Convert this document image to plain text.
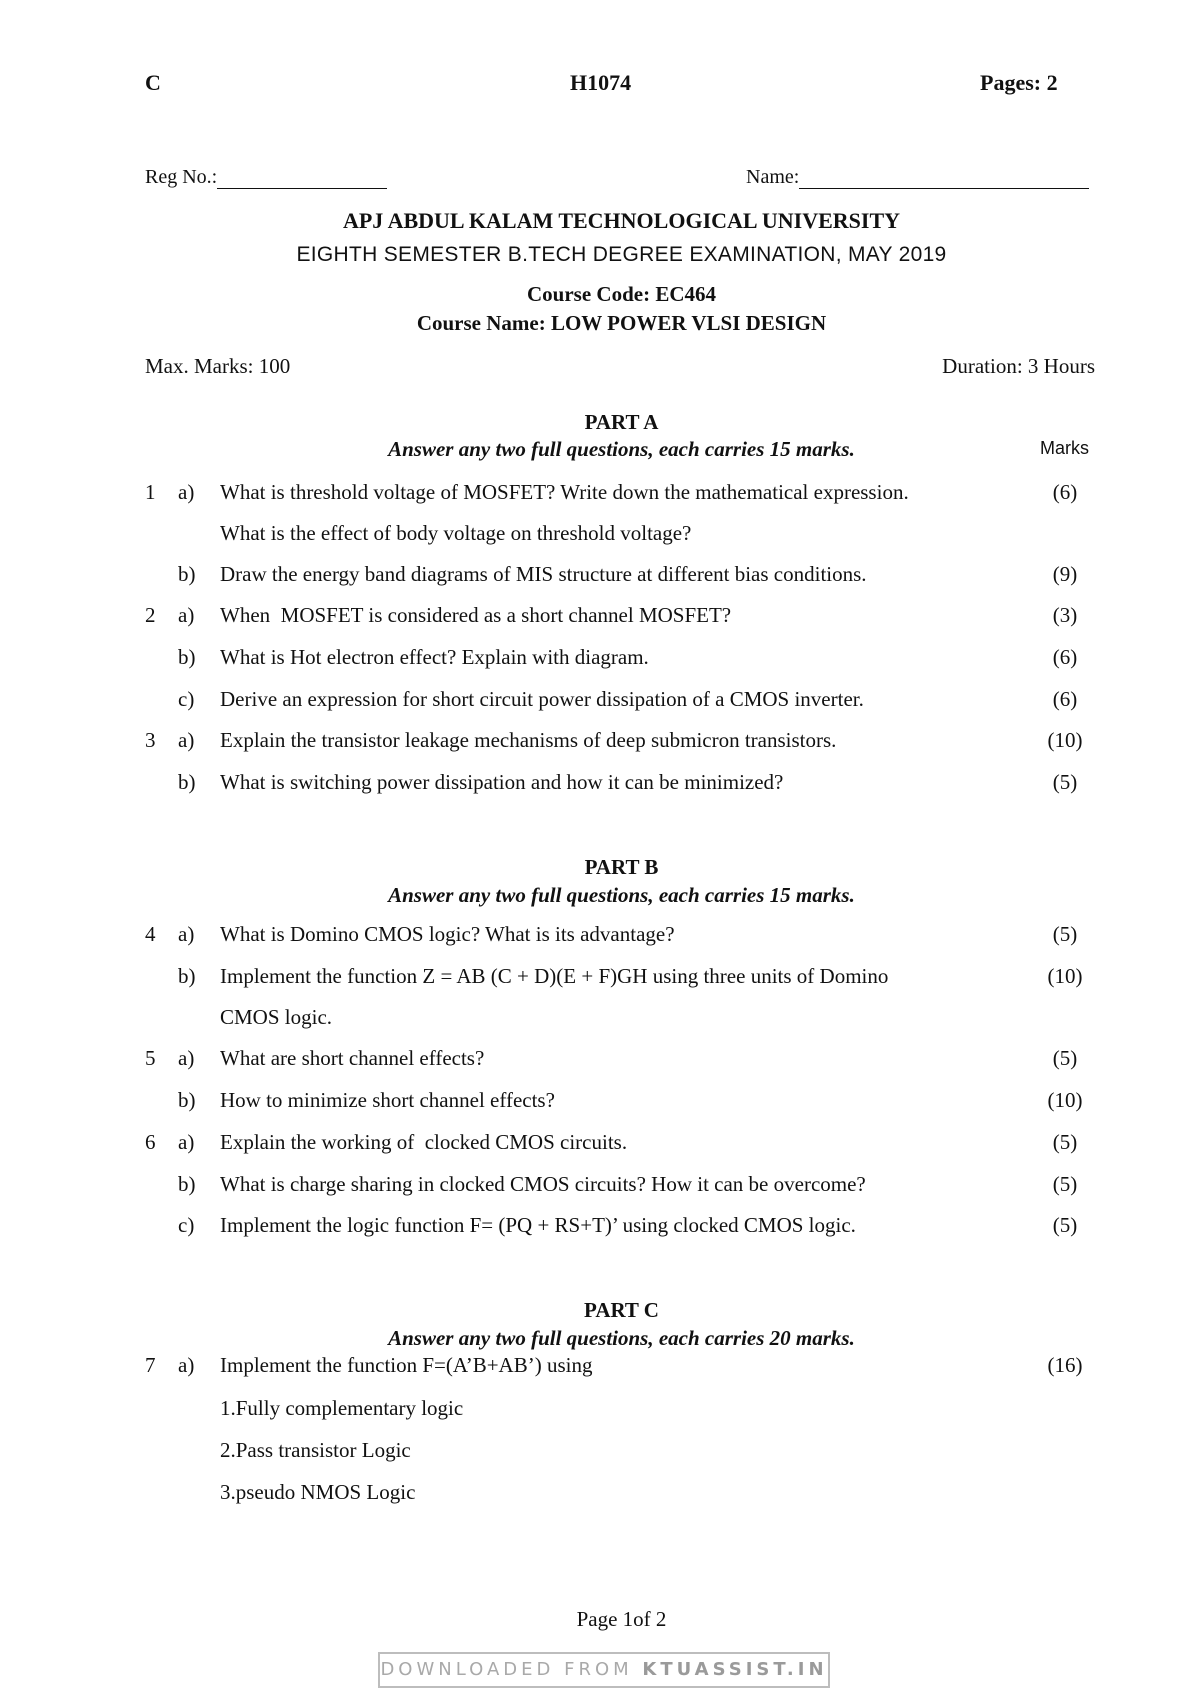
C	H1074	Pages: 2
Reg No.:	Name:
APJ ABDUL KALAM TECHNOLOGICAL UNIVERSITY
EIGHTH SEMESTER B.TECH DEGREE EXAMINATION, MAY 2019
Course Code: EC464
Course Name: LOW POWER VLSI DESIGN
Max. Marks: 100	Duration: 3 Hours
PART A
Answer any two full questions, each carries 15 marks.	Marks
1 a) What is threshold voltage of MOSFET? Write down the mathematical expression.	(6)
What is the effect of body voltage on threshold voltage?
b) Draw the energy band diagrams of MIS structure at different bias conditions.	(9)
2 a) When  MOSFET is considered as a short channel MOSFET?	(3)
b) What is Hot electron effect? Explain with diagram.	(6)
c) Derive an expression for short circuit power dissipation of a CMOS inverter.	(6)
3 a) Explain the transistor leakage mechanisms of deep submicron transistors.	(10)
b) What is switching power dissipation and how it can be minimized?	(5)
PART B
Answer any two full questions, each carries 15 marks.
4 a) What is Domino CMOS logic? What is its advantage?	(5)
b) Implement the function Z = AB (C + D)(E + F)GH using three units of Domino	(10)
CMOS logic.
5 a) What are short channel effects?	(5)
b) How to minimize short channel effects?	(10)
6 a) Explain the working of  clocked CMOS circuits.	(5)
b) What is charge sharing in clocked CMOS circuits? How it can be overcome?	(5)
c) Implement the logic function F= (PQ + RS+T)’ using clocked CMOS logic.	(5)
PART C
Answer any two full questions, each carries 20 marks.
7 a) Implement the function F=(A’B+AB’) using	(16)
1.Fully complementary logic
2.Pass transistor Logic
3.pseudo NMOS Logic
Page 1of 2
DOWNLOADED FROM KTUASSIST.IN
